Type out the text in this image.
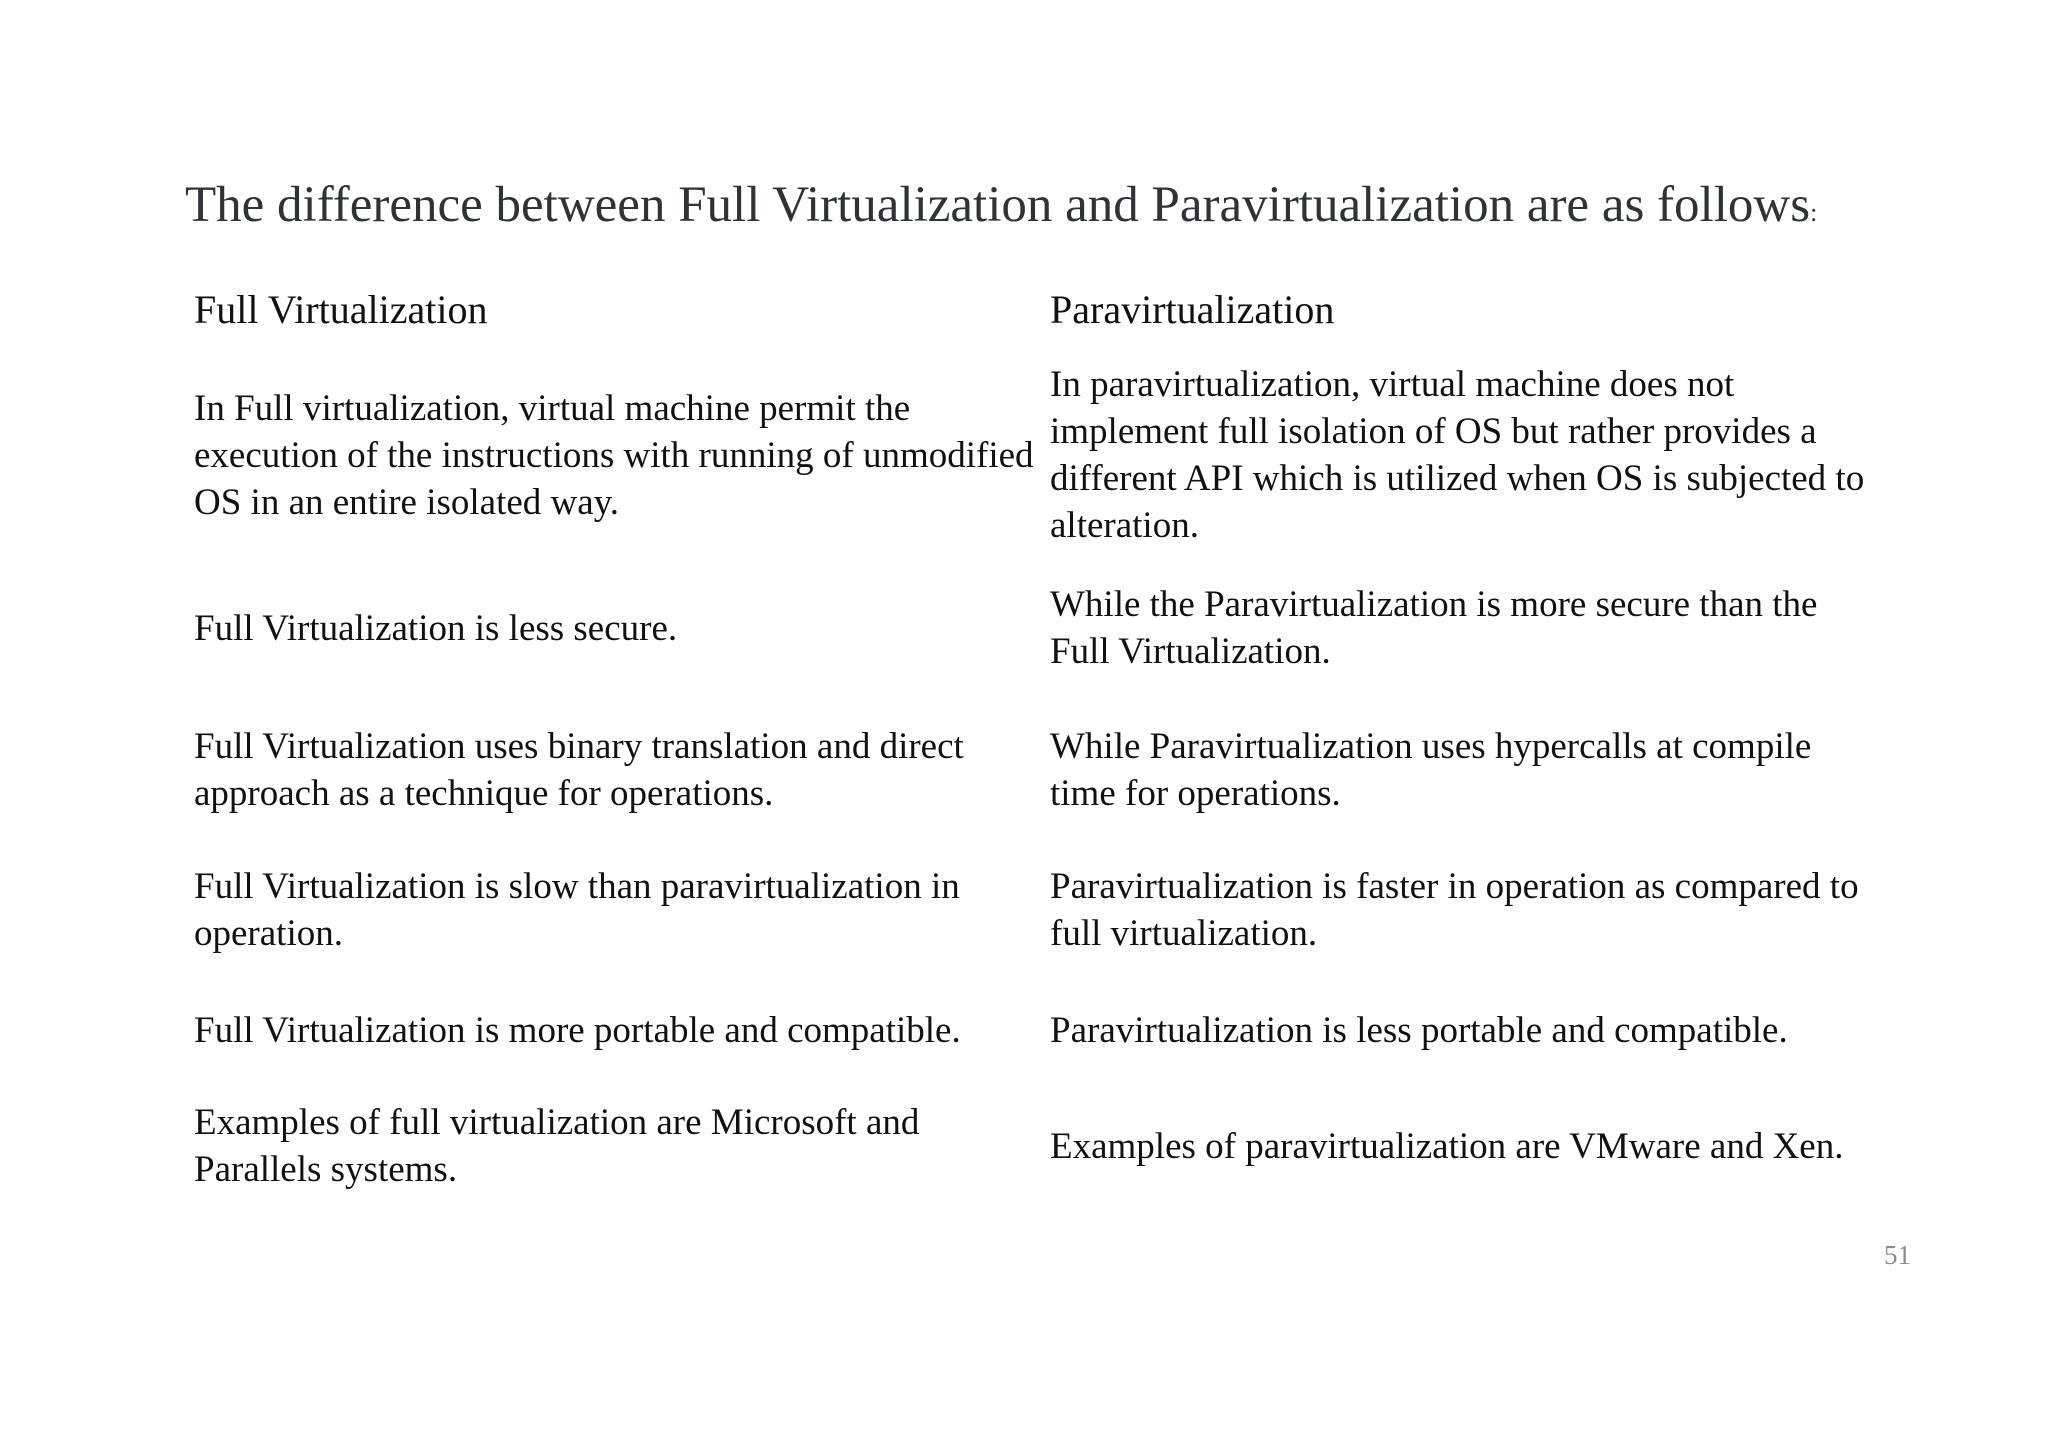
The difference between Full Virtualization and Paravirtualization are as follows:
Full Virtualization	Paravirtualization
In Full virtualization, virtual machine permit the execution of the instructions with running of unmodified OS in an entire isolated way.
In paravirtualization, virtual machine does not implement full isolation of OS but rather provides a different API which is utilized when OS is subjected to alteration.
Full Virtualization is less secure.
While the Paravirtualization is more secure than the Full Virtualization.
Full Virtualization uses binary translation and direct approach as a technique for operations.
While Paravirtualization uses hypercalls at compile time for operations.
Full Virtualization is slow than paravirtualization in operation.
Paravirtualization is faster in operation as compared to full virtualization.
Full Virtualization is more portable and compatible.	Paravirtualization is less portable and compatible.
Examples of full virtualization are Microsoft and Parallels systems.
Examples of paravirtualization are VMware and Xen.
51
